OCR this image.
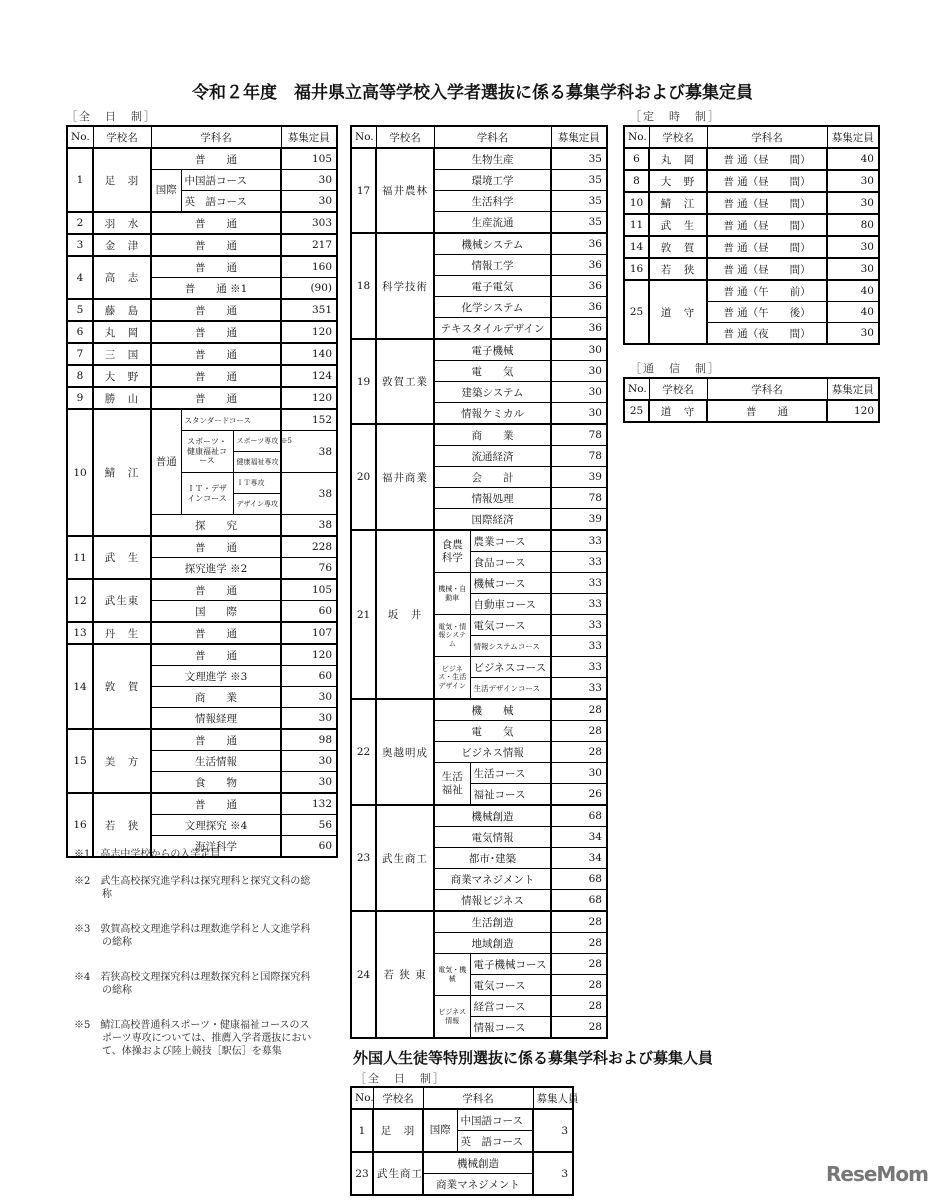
令和２年度　福井県立高等学校入学者選抜に係る募集学科および募集定員
［全　日　制］
No.	学校名	学科名			募集定員
1	足　羽	普　　通			105
		国際	中国語コース		30
			英　語コース		30
2	羽　水	普　　通			303
3	金　津	普　　通			217
4	高　志	普　　通			160
		普　　通 ※1			(90)
5	藤　島	普　　通			351
6	丸　岡	普　　通			120
7	三　国	普　　通			140
8	大　野	普　　通			124
9	勝　山	普　　通			120
10	鯖　江	普通	スタンダードコース		152
			スポーツ・健康福祉コース	スポーツ専攻 ※5	38
				健康福祉専攻	
			ＩＴ・デザインコース	ＩＴ専攻	38
				デザイン専攻	
		探　　究			38
11	武　生	普　　通			228
		探究進学 ※2			76
12	武生東	普　　通			105
		国　　際			60
13	丹　生	普　　通			107
14	敦　賀	普　　通			120
		文理進学 ※3			60
		商　　業			30
		情報経理			30
15	美　方	普　　通			98
		生活情報			30
		食　　物			30
16	若　狭	普　　通			132
		文理探究 ※4			56
		海洋科学			60
No.	学校名	学科名		募集定員
17	福井農林	生物生産		35
		環境工学		35
		生活科学		35
		生産流通		35
18	科学技術	機械システム		36
		情報工学		36
		電子電気		36
		化学システム		36
		テキスタイルデザイン		36
19	敦賀工業	電子機械		30
		電　　気		30
		建築システム		30
		情報ケミカル		30
20	福井商業	商　　業		78
		流通経済		78
		会　　計		39
		情報処理		78
		国際経済		39
21	坂　井	食農科学	農業コース	33
			食品コース	33
		機械・自動車	機械コース	33
			自動車コース	33
		電気・情報システム	電気コース	33
			情報システムコース	33
		ビジネス・生活デザイン	ビジネスコース	33
			生活デザインコース	33
22	奥越明成	機　　械		28
		電　　気		28
		ビジネス情報		28
		生活福祉	生活コース	30
			福祉コース	26
23	武生商工	機械創造		68
		電気情報		34
		都市･建築		34
		商業マネジメント		68
		情報ビジネス		68
24	若 狭 東	生活創造		28
		地域創造		28
		電気・機械	電子機械コース	28
			電気コース	28
		ビジネス情報	経営コース	28
			情報コース	28
［定　時　制］
No.	学校名	学科名	募集定員
6	丸　岡	普 通（昼　　間）	40
8	大　野	普 通（昼　　間）	30
10	鯖　江	普 通（昼　　間）	30
11	武　生	普 通（昼　　間）	80
14	敦　賀	普 通（昼　　間）	30
16	若　狭	普 通（昼　　間）	30
25	道　守	普 通（午　　前）	40
		普 通（午　　後）	40
		普 通（夜　　間）	30
［通　信　制］
No.	学校名	学科名	募集定員
25	道　守	普　　通	120

※1　高志中学校からの入学定員

※2　武生高校探究進学科は探究理科と探究文科の総称

※3　敦賀高校文理進学科は理数進学科と人文進学科の総称

※4　若狭高校文理探究科は理数探究科と国際探究科の総称

※5　鯖江高校普通科スポーツ・健康福祉コースのスポーツ専攻については、推薦入学者選抜において、体操および陸上競技［駅伝］を募集	外国人生徒等特別選抜に係る募集学科および募集人員
［全　日　制］
No.	学校名	学科名		募集人員
1	足　羽	国際	中国語コース	3
			英　語コース	
23	武生商工	機械創造		3
		商業マネジメント			ReseMom
